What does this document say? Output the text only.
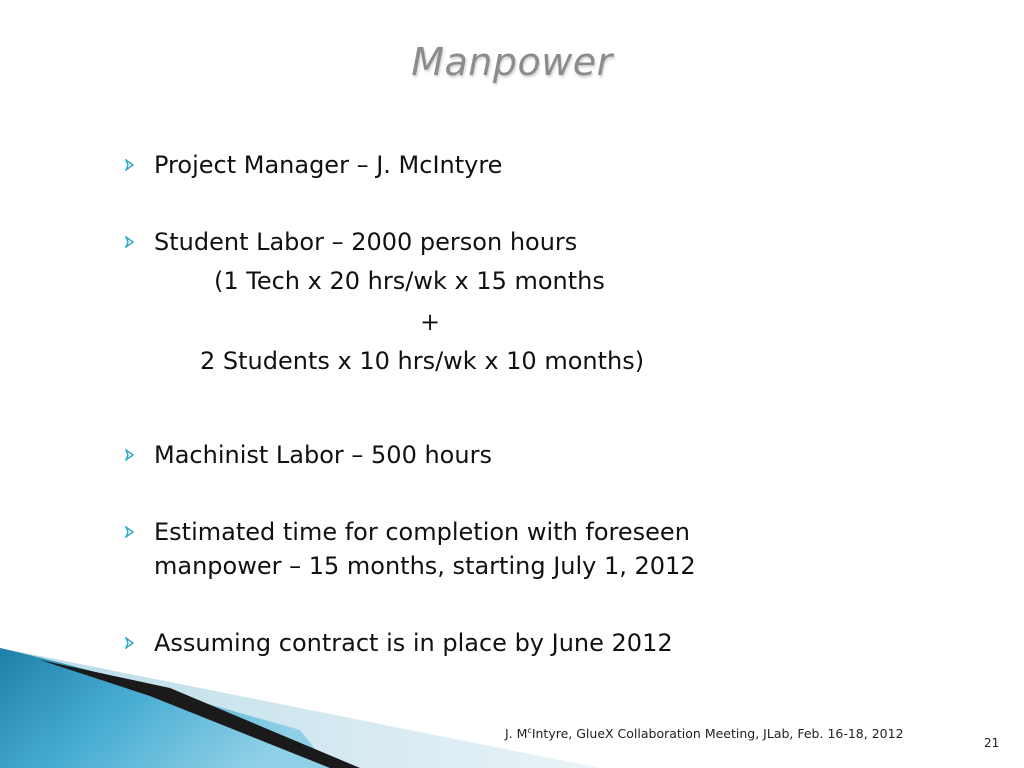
Manpower
Project Manager – J. McIntyre
Student Labor – 2000 person hours
(1 Tech x 20 hrs/wk x 15 months
+
2 Students x 10 hrs/wk x 10 months)
Machinist Labor – 500 hours
Estimated time for completion with foreseen
manpower – 15 months, starting July 1, 2012
Assuming contract is in place by June 2012
J. $M^cIntyre$, GlueX Collaboration Meeting, JLab, Feb. 16-18, 2012
21
